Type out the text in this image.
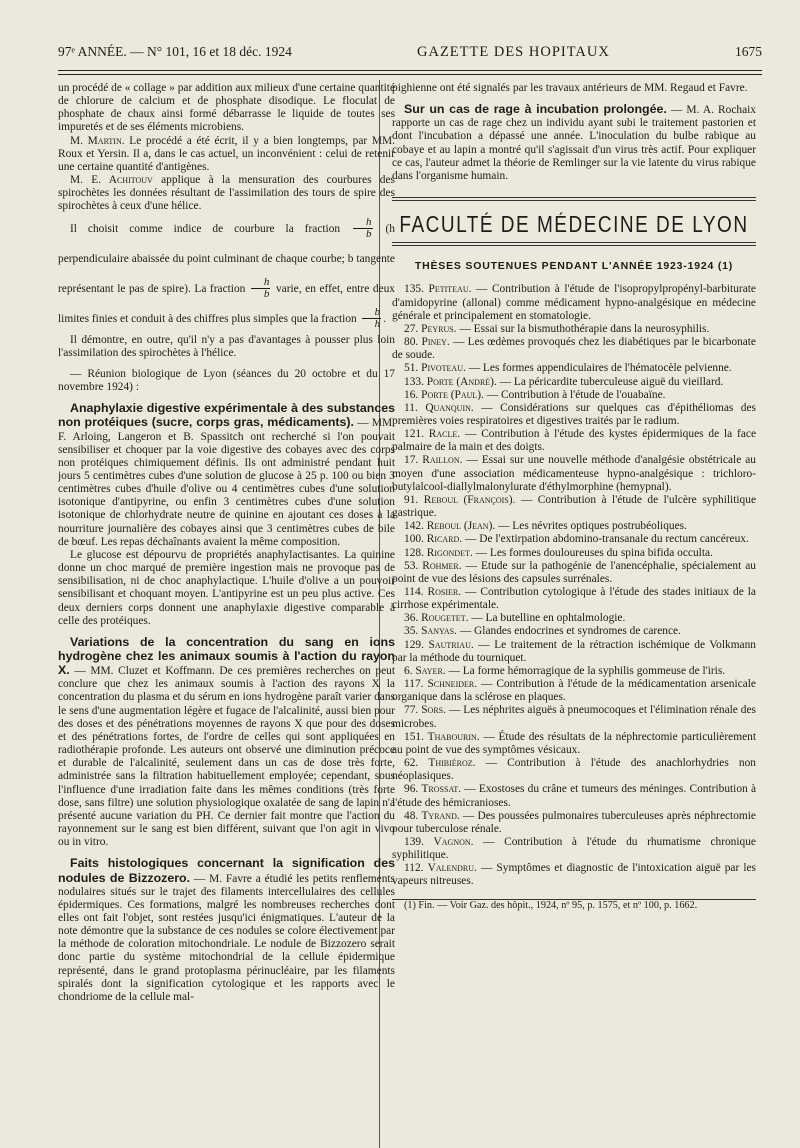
97ᵉ ANNÉE. — N° 101, 16 et 18 déc. 1924	GAZETTE DES HOPITAUX	1675

un procédé de « collage » par addition aux milieux d'une certaine quantité de chlorure de calcium et de phosphate disodique. Le floculat de phosphate de chaux ainsi formé débarrasse le liquide de toutes ses impuretés et de ses éléments microbiens.

M. Martin. Le procédé a été écrit, il y a bien longtemps, par MM. Roux et Yersin. Il a, dans le cas actuel, un inconvénient : celui de retenir une certaine quantité d'antigènes.

M. E. Achitouv applique à la mensuration des courbures des spirochètes les données résultant de l'assimilation des tours de spire des spirochètes à ceux d'une hélice.

Il choisit comme indice de courbure la fraction $\frac{h}{b} (h$ perpendiculaire abaissée du point culminant de chaque courbe; b tangente représentant le pas de spire). La fraction $\frac{h}{b}$ varie, en effet, entre deux limites finies et conduit à des chiffres plus simples que la fraction $\frac{b}{h}$ .

Il démontre, en outre, qu'il n'y a pas d'avantages à pousser plus loin l'assimilation des spirochètes à l'hélice.

— Réunion biologique de Lyon (séances du 20 octobre et du 17 novembre 1924) :

Anaphylaxie digestive expérimentale à des substances non protéiques (sucre, corps gras, médicaments). — MM. F. Arloing, Langeron et B. Spassitch ont recherché si l'on pouvait sensibiliser et choquer par la voie digestive des cobayes avec des corps non protéiques chimiquement définis. Ils ont administré pendant huit jours 5 centimètres cubes d'une solution de glucose à 25 p. 100 ou bien 3 centimètres cubes d'huile d'olive ou 4 centimètres cubes d'une solution isotonique d'antipyrine, ou enfin 3 centimètres cubes d'une solution isotonique de chlorhydrate neutre de quinine en ajoutant ces doses à la nourriture journalière des cobayes ainsi que 3 centimètres cubes de bile de bœuf. Les repas déchaînants avaient la même composition.

Le glucose est dépourvu de propriétés anaphylactisantes. La quinine donne un choc marqué de première ingestion mais ne provoque pas de sensibilisation, ni de choc anaphylactique. L'huile d'olive a un pouvoir sensibilisant et choquant moyen. L'antipyrine est un peu plus active. Ces deux derniers corps donnent une anaphylaxie digestive comparable à celle des protéiques.

Variations de la concentration du sang en ions hydrogène chez les animaux soumis à l'action du rayon X. — MM. Cluzet et Koffmann. De ces premières recherches on peut conclure que chez les animaux soumis à l'action des rayons X la concentration du plasma et du sérum en ions hydrogène paraît varier dans le sens d'une augmentation légère et fugace de l'alcalinité, aussi bien pour des doses et des pénétrations moyennes de rayons X que pour des doses et des pénétrations fortes, de l'ordre de celles qui sont appliquées en radiothérapie profonde. Les auteurs ont observé une diminution précoce et durable de l'alcalinité, seulement dans un cas de dose très forte, administrée sans la filtration habituellement employée; cependant, sous l'influence d'une irradiation faite dans les mêmes conditions (très forte dose, sans filtre) une solution physiologique oxalatée de sang de lapin n'a présenté aucune variation du PH. Ce dernier fait montre que l'action du rayonnement sur le sang est bien différent, suivant que l'on agit in vivo ou in vitro.

Faits histologiques concernant la signification des nodules de Bizzozero. — M. Favre a étudié les petits renflements nodulaires situés sur le trajet des filaments intercellulaires des cellules épidermiques. Ces formations, malgré les nombreuses recherches dont elles ont fait l'objet, sont restées jusqu'ici énigmatiques. L'auteur de la note démontre que la substance de ces nodules se colore électivement par la méthode de coloration mitochondriale. Le nodule de Bizzozero serait donc partie du système mitochondrial de la cellule épidermique représenté, dans le grand protoplasma périnucléaire, par les filaments spiralés dont la signification cytologique et les rapports avec le chondriome de la cellule mal-

pighienne ont été signalés par les travaux antérieurs de MM. Regaud et Favre.

Sur un cas de rage à incubation prolongée. — M. A. Rochaix rapporte un cas de rage chez un individu ayant subi le traitement pastorien et dont l'incubation a dépassé une année. L'inoculation du bulbe rabique au cobaye et au lapin a montré qu'il s'agissait d'un virus très actif. Pour expliquer ce cas, l'auteur admet la théorie de Remlinger sur la vie latente du virus rabique dans l'organisme humain.

FACULTÉ DE MÉDECINE DE LYON
THÈSES SOUTENUES PENDANT L'ANNÉE 1923-1924 (1)

135. Petiteau. — Contribution à l'étude de l'isopropylpropényl-barbiturate d'amidopyrine (allonal) comme médicament hypno-analgésique en médecine générale et principalement en stomatologie.

27. Peyrus. — Essai sur la bismuthothérapie dans la neurosyphilis.

80. Piney. — Les œdèmes provoqués chez les diabétiques par le bicarbonate de soude.

51. Pivoteau. — Les formes appendiculaires de l'hématocèle pelvienne.

133. Porte (André). — La péricardite tuberculeuse aiguë du vieillard.

16. Porte (Paul). — Contribution à l'étude de l'ouabaïne.

11. Quanquin. — Considérations sur quelques cas d'épithéliomas des premières voies respiratoires et digestives traités par le radium.

121. Racle. — Contribution à l'étude des kystes épidermiques de la face palmaire de la main et des doigts.

17. Raillon. — Essai sur une nouvelle méthode d'analgésie obstétricale au moyen d'une association médicamenteuse hypno-analgésique : trichloro-butylalcool-diallylmalonylurate d'éthylmorphine (hemypnal).

91. Reboul (François). — Contribution à l'étude de l'ulcère syphilitique gastrique.

142. Reboul (Jean). — Les névrites optiques postrubéoliques.

100. Ricard. — De l'extirpation abdomino-transanale du rectum cancéreux.

128. Rigondet. — Les formes douloureuses du spina bifida occulta.

53. Rohmer. — Etude sur la pathogénie de l'anencéphalie, spécialement au point de vue des lésions des capsules surrénales.

114. Rosier. — Contribution cytologique à l'étude des stades initiaux de la cirrhose expérimentale.

36. Rougetet. — La butelline en ophtalmologie.

35. Sanyas. — Glandes endocrines et syndromes de carence.

129. Sautriau. — Le traitement de la rétraction ischémique de Volkmann par la méthode du tourniquet.

6. Sayer. — La forme hémorragique de la syphilis gommeuse de l'iris.

117. Schneider. — Contribution à l'étude de la médicamentation arsenicale organique dans la sclérose en plaques.

77. Sors. — Les néphrites aiguës à pneumocoques et l'élimination rénale des microbes.

151. Thabourin. — Étude des résultats de la néphrectomie particulièrement au point de vue des symptômes vésicaux.

62. Thibiéroz. — Contribution à l'étude des anachlorhydries non néoplasiques.

96. Trossat. — Exostoses du crâne et tumeurs des méninges. Contribution à l'étude des hémicranioses.

48. Tyrand. — Des poussées pulmonaires tuberculeuses après néphrectomie pour tuberculose rénale.

139. Vagnon. — Contribution à l'étude du rhumatisme chronique syphilitique.

112. Valendru. — Symptômes et diagnostic de l'intoxication aiguë par les vapeurs nitreuses.

(1) Fin. — Voir Gaz. des hôpit., 1924, nº 95, p. 1575, et nº 100, p. 1662.
